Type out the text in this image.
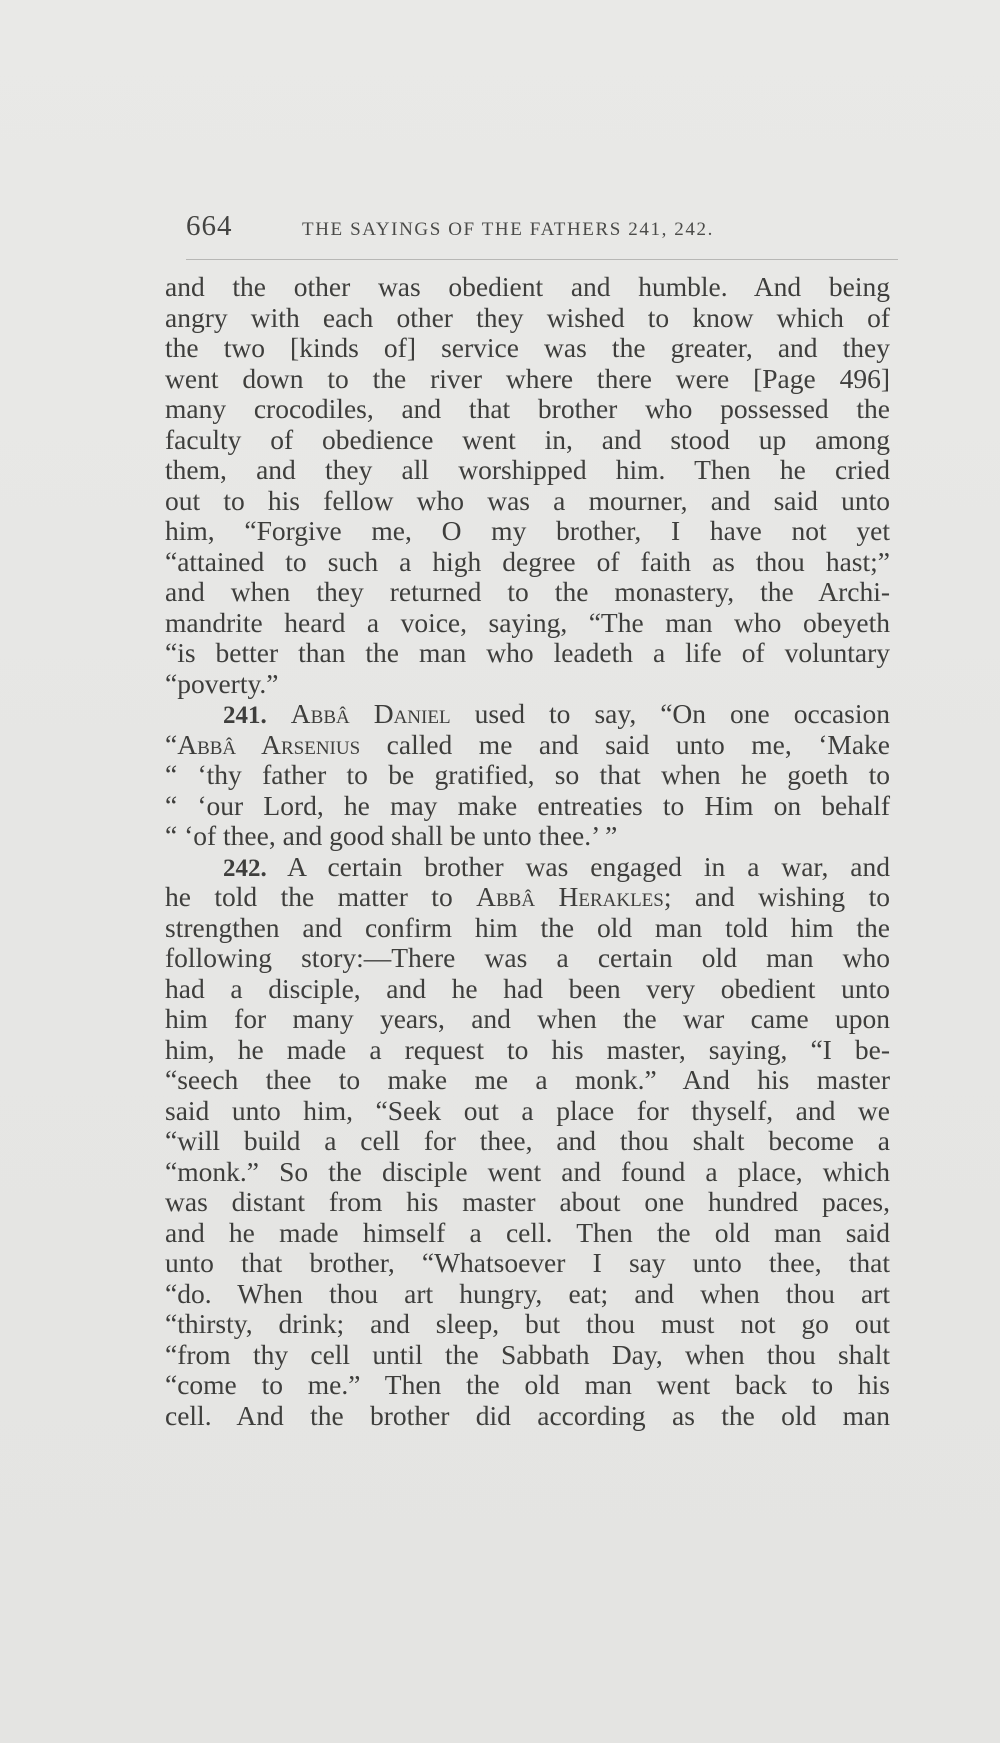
664	THE SAYINGS OF THE FATHERS 241, 242.
and the other was obedient and humble. And being
angry with each other they wished to know which of
the two [kinds of] service was the greater, and they
went down to the river where there were [Page 496]
many crocodiles, and that brother who possessed the
faculty of obedience went in, and stood up among
them, and they all worshipped him. Then he cried
out to his fellow who was a mourner, and said unto
him, “Forgive me, O my brother, I have not yet
“attained to such a high degree of faith as thou hast;”
and when they returned to the monastery, the Archi-
mandrite heard a voice, saying, “The man who obeyeth
“is better than the man who leadeth a life of voluntary
“poverty.”
241. Abbâ Daniel used to say, “On one occasion
“Abbâ Arsenius called me and said unto me, ‘Make
“ ‘thy father to be gratified, so that when he goeth to
“ ‘our Lord, he may make entreaties to Him on behalf
“ ‘of thee, and good shall be unto thee.’ ”
242. A certain brother was engaged in a war, and
he told the matter to Abbâ Herakles; and wishing to
strengthen and confirm him the old man told him the
following story:—There was a certain old man who
had a disciple, and he had been very obedient unto
him for many years, and when the war came upon
him, he made a request to his master, saying, “I be-
“seech thee to make me a monk.” And his master
said unto him, “Seek out a place for thyself, and we
“will build a cell for thee, and thou shalt become a
“monk.” So the disciple went and found a place, which
was distant from his master about one hundred paces,
and he made himself a cell. Then the old man said
unto that brother, “Whatsoever I say unto thee, that
“do. When thou art hungry, eat; and when thou art
“thirsty, drink; and sleep, but thou must not go out
“from thy cell until the Sabbath Day, when thou shalt
“come to me.” Then the old man went back to his
cell. And the brother did according as the old man
